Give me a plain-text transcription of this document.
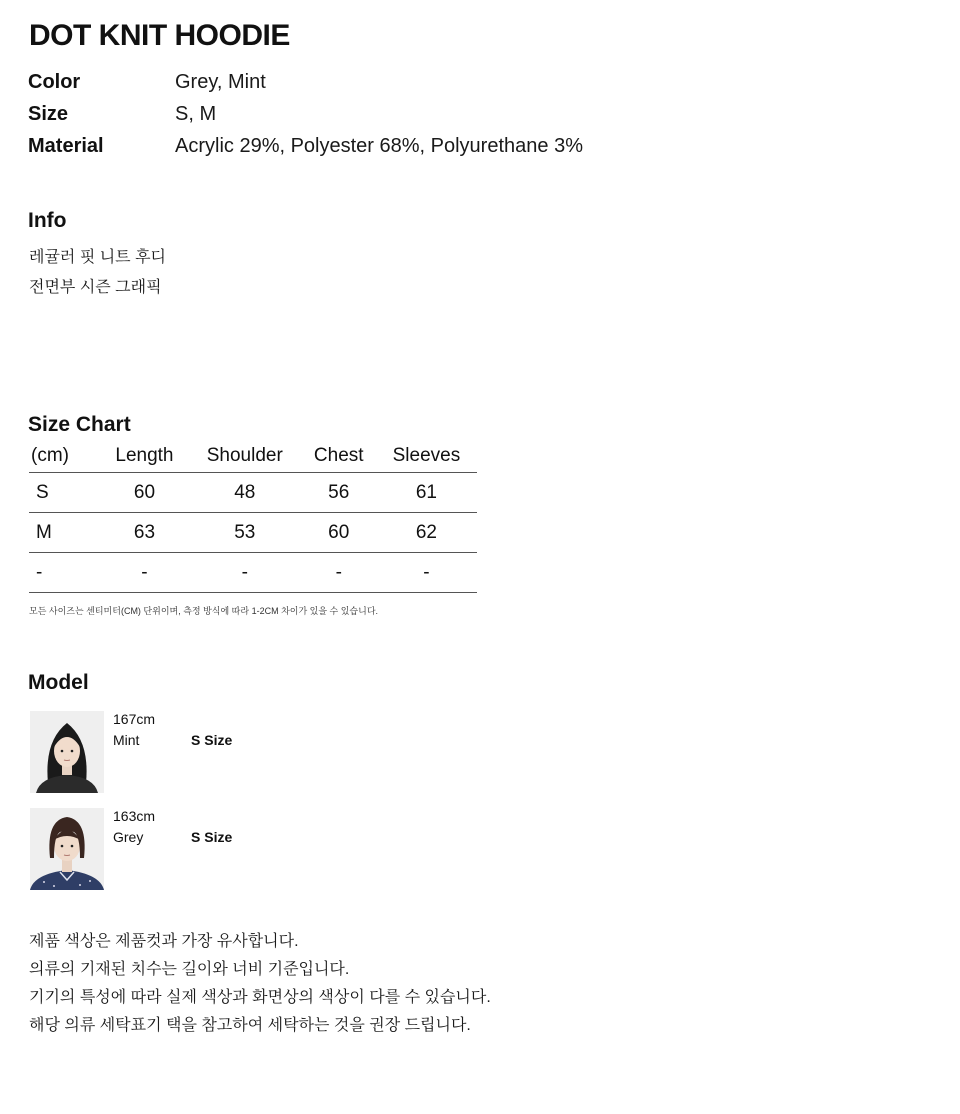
DOT KNIT HOODIE
Color	Grey, Mint
Size	S, M
Material	Acrylic 29%, Polyester 68%, Polyurethane 3%
Info
레귤러 핏 니트 후디
전면부 시즌 그래픽
Size Chart
(cm)	Length	Shoulder	Chest	Sleeves
S	60	48	56	61
M	63	53	60	62
-	-	-	-	-
모든 사이즈는 센티미터(CM) 단위이며, 측정 방식에 따라 1-2CM 차이가 있을 수 있습니다.
Model
167cm
Mint	S Size
163cm
Grey	S Size
제품 색상은 제품컷과 가장 유사합니다.
의류의 기재된 치수는 길이와 너비 기준입니다.
기기의 특성에 따라 실제 색상과 화면상의 색상이 다를 수 있습니다.
해당 의류 세탁표기 택을 참고하여 세탁하는 것을 권장 드립니다.
